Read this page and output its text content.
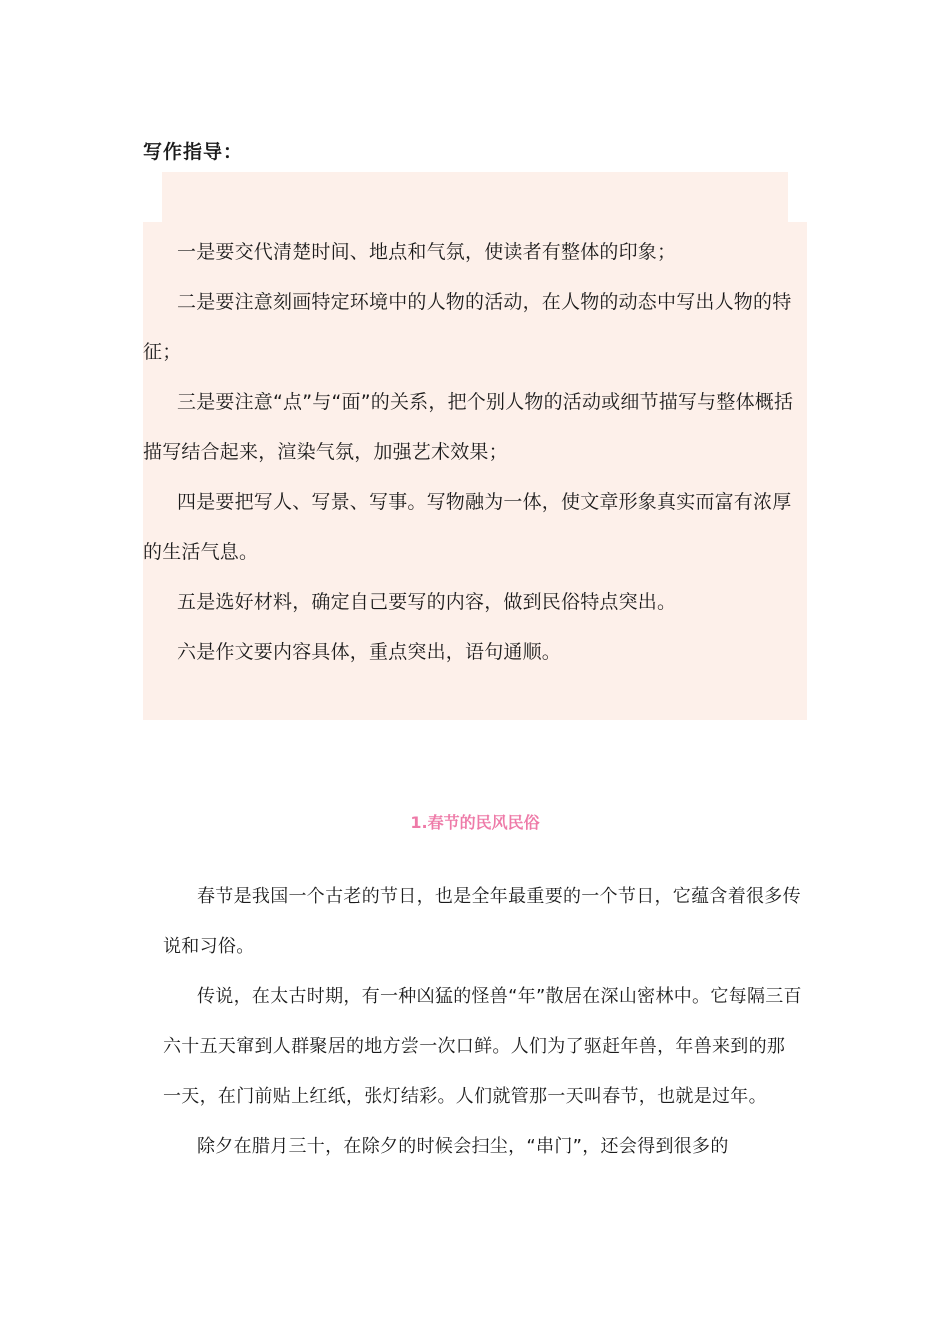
写作指导：

一是要交代清楚时间、地点和气氛，使读者有整体的印象；

二是要注意刻画特定环境中的人物的活动，在人物的动态中写出人物的特征；

三是要注意“点”与“面”的关系，把个别人物的活动或细节描写与整体概括描写结合起来，渲染气氛，加强艺术效果；

四是要把写人、写景、写事。写物融为一体，使文章形象真实而富有浓厚的生活气息。

五是选好材料，确定自己要写的内容，做到民俗特点突出。

六是作文要内容具体，重点突出，语句通顺。

1.春节的民风民俗

春节是我国一个古老的节日，也是全年最重要的一个节日，它蕴含着很多传说和习俗。

传说，在太古时期，有一种凶猛的怪兽“年”散居在深山密林中。它每隔三百六十五天窜到人群聚居的地方尝一次口鲜。人们为了驱赶年兽，年兽来到的那一天，在门前贴上红纸，张灯结彩。人们就管那一天叫春节，也就是过年。

除夕在腊月三十，在除夕的时候会扫尘，“串门”，还会得到很多的
